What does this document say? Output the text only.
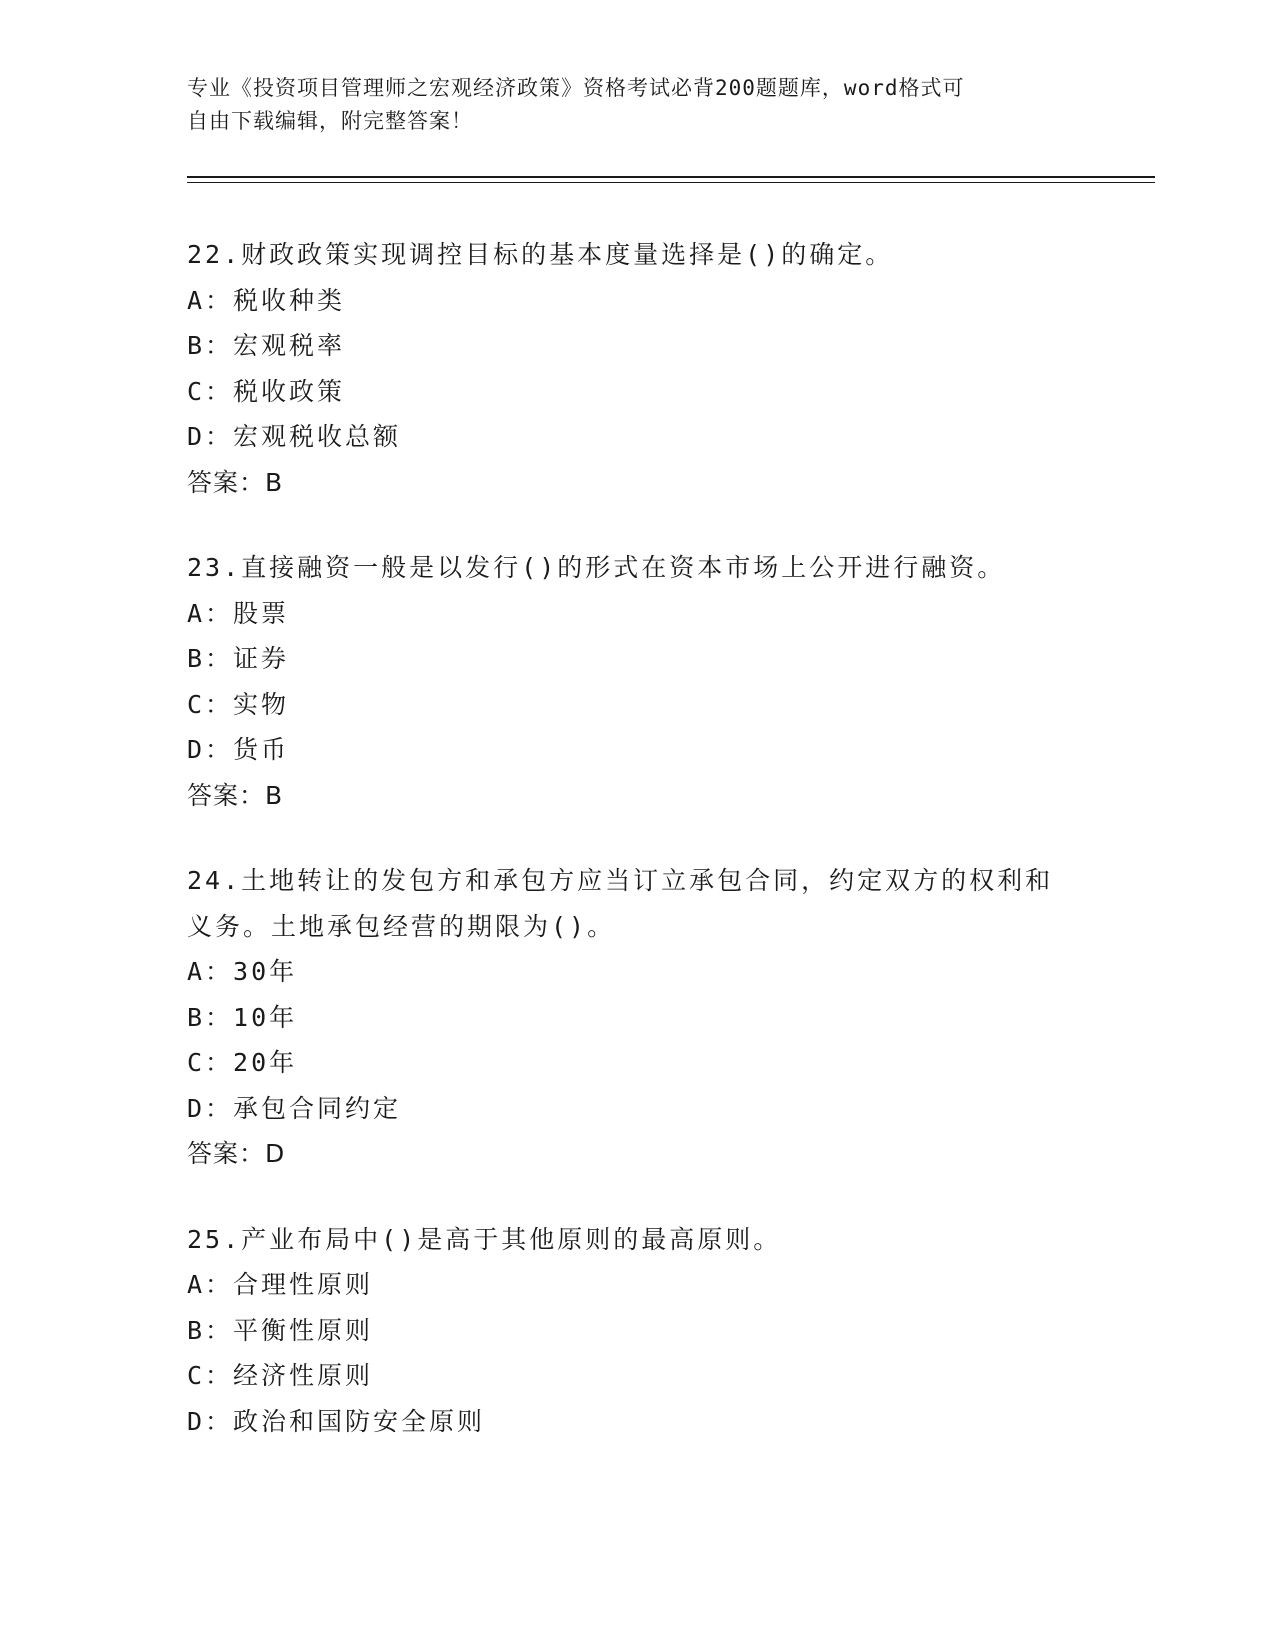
专业《投资项目管理师之宏观经济政策》资格考试必背200题题库，word格式可
自由下载编辑，附完整答案！
22.财政政策实现调控目标的基本度量选择是()的确定。
A：税收种类
B：宏观税率
C：税收政策
D：宏观税收总额
答案：B
23.直接融资一般是以发行()的形式在资本市场上公开进行融资。
A：股票
B：证券
C：实物
D：货币
答案：B
24.土地转让的发包方和承包方应当订立承包合同，约定双方的权利和
义务。土地承包经营的期限为()。
A：30年
B：10年
C：20年
D：承包合同约定
答案：D
25.产业布局中()是高于其他原则的最高原则。
A：合理性原则
B：平衡性原则
C：经济性原则
D：政治和国防安全原则
